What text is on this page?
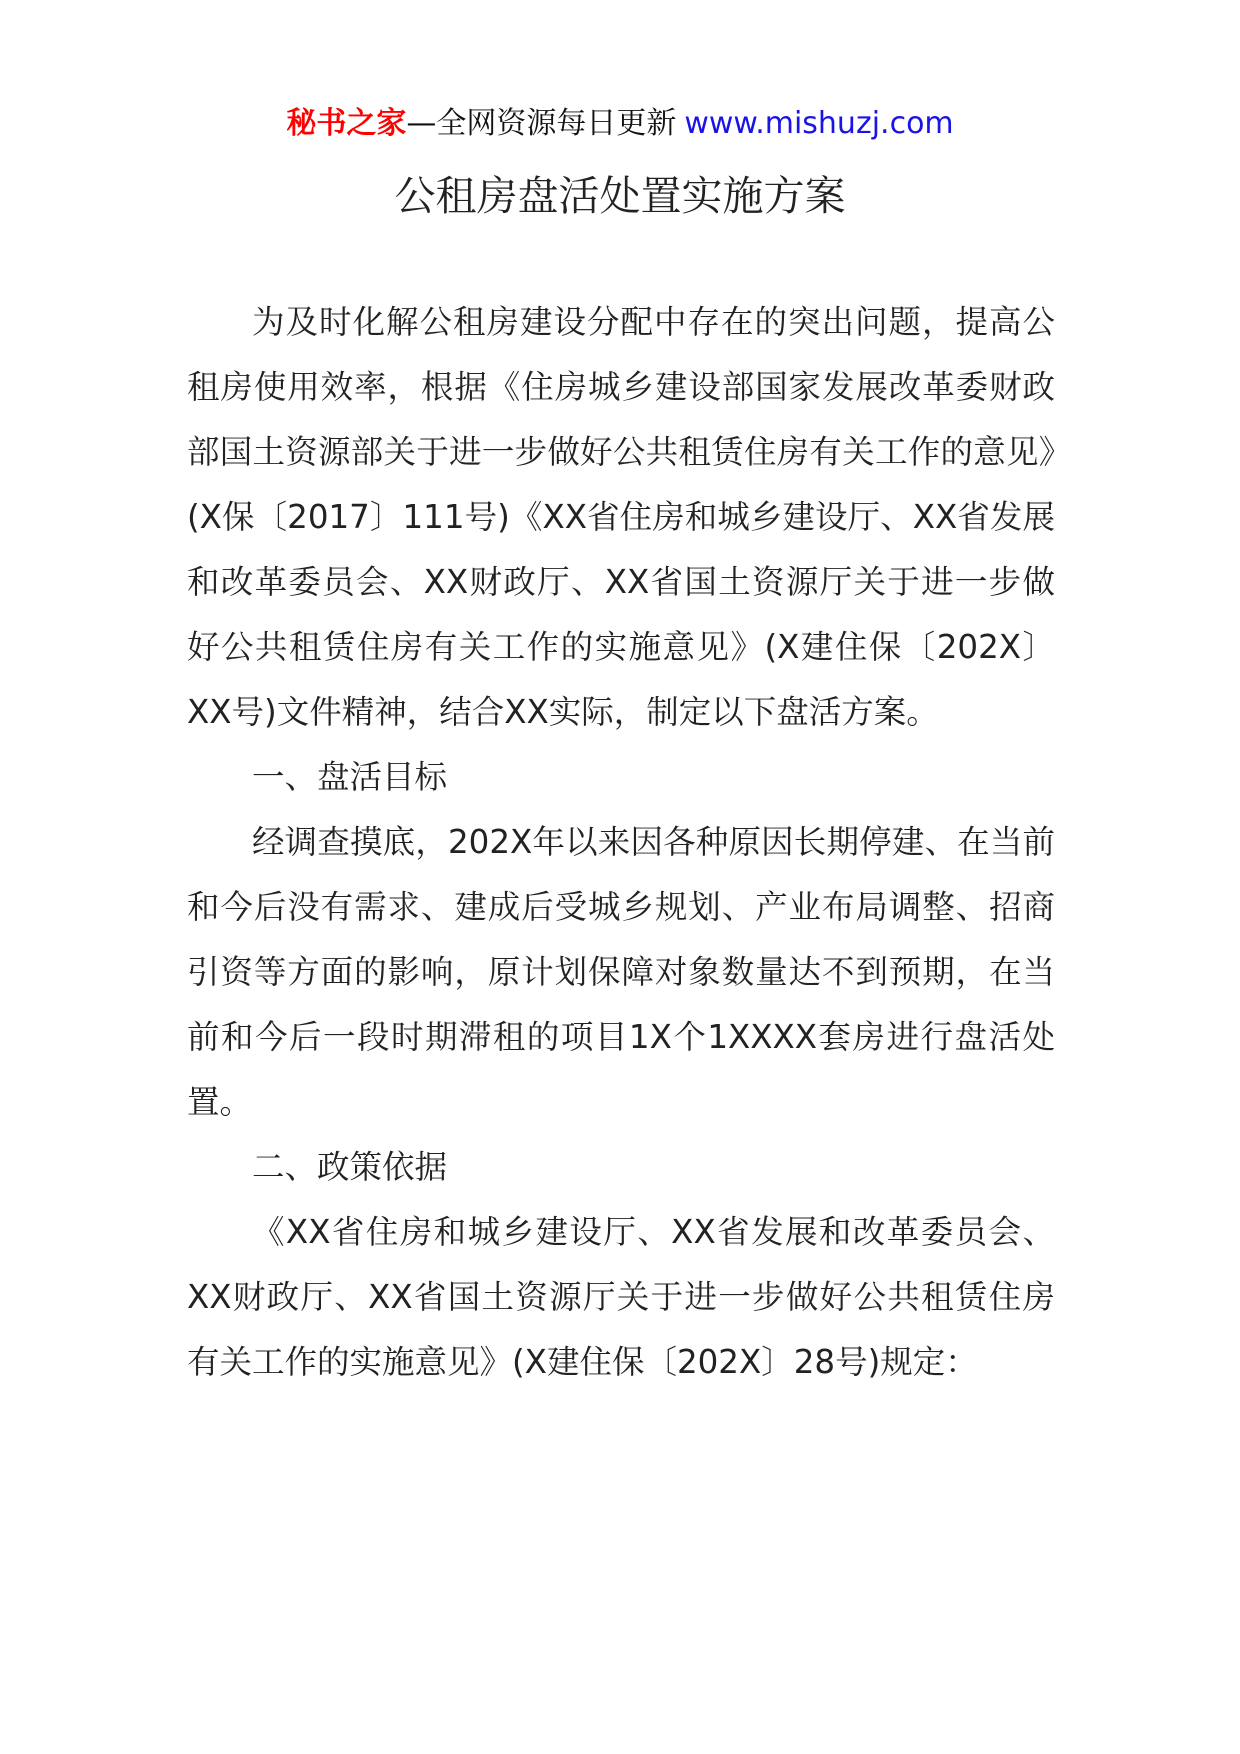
秘书之家—全网资源每日更新 www.mishuzj.com
公租房盘活处置实施方案

为及时化解公租房建设分配中存在的突出问题，提高公租房使用效率，根据《住房城乡建设部国家发展改革委财政部国土资源部关于进一步做好公共租赁住房有关工作的意见》(X保〔2017〕111号)《XX省住房和城乡建设厅、XX省发展和改革委员会、XX财政厅、XX省国土资源厅关于进一步做好公共租赁住房有关工作的实施意见》(X建住保〔202X〕XX号)文件精神，结合XX实际，制定以下盘活方案。

一、盘活目标

经调查摸底，202X年以来因各种原因长期停建、在当前和今后没有需求、建成后受城乡规划、产业布局调整、招商引资等方面的影响，原计划保障对象数量达不到预期，在当前和今后一段时期滞租的项目1X个1XXXX套房进行盘活处置。

二、政策依据

《XX省住房和城乡建设厅、XX省发展和改革委员会、XX财政厅、XX省国土资源厅关于进一步做好公共租赁住房有关工作的实施意见》(X建住保〔202X〕28号)规定：
